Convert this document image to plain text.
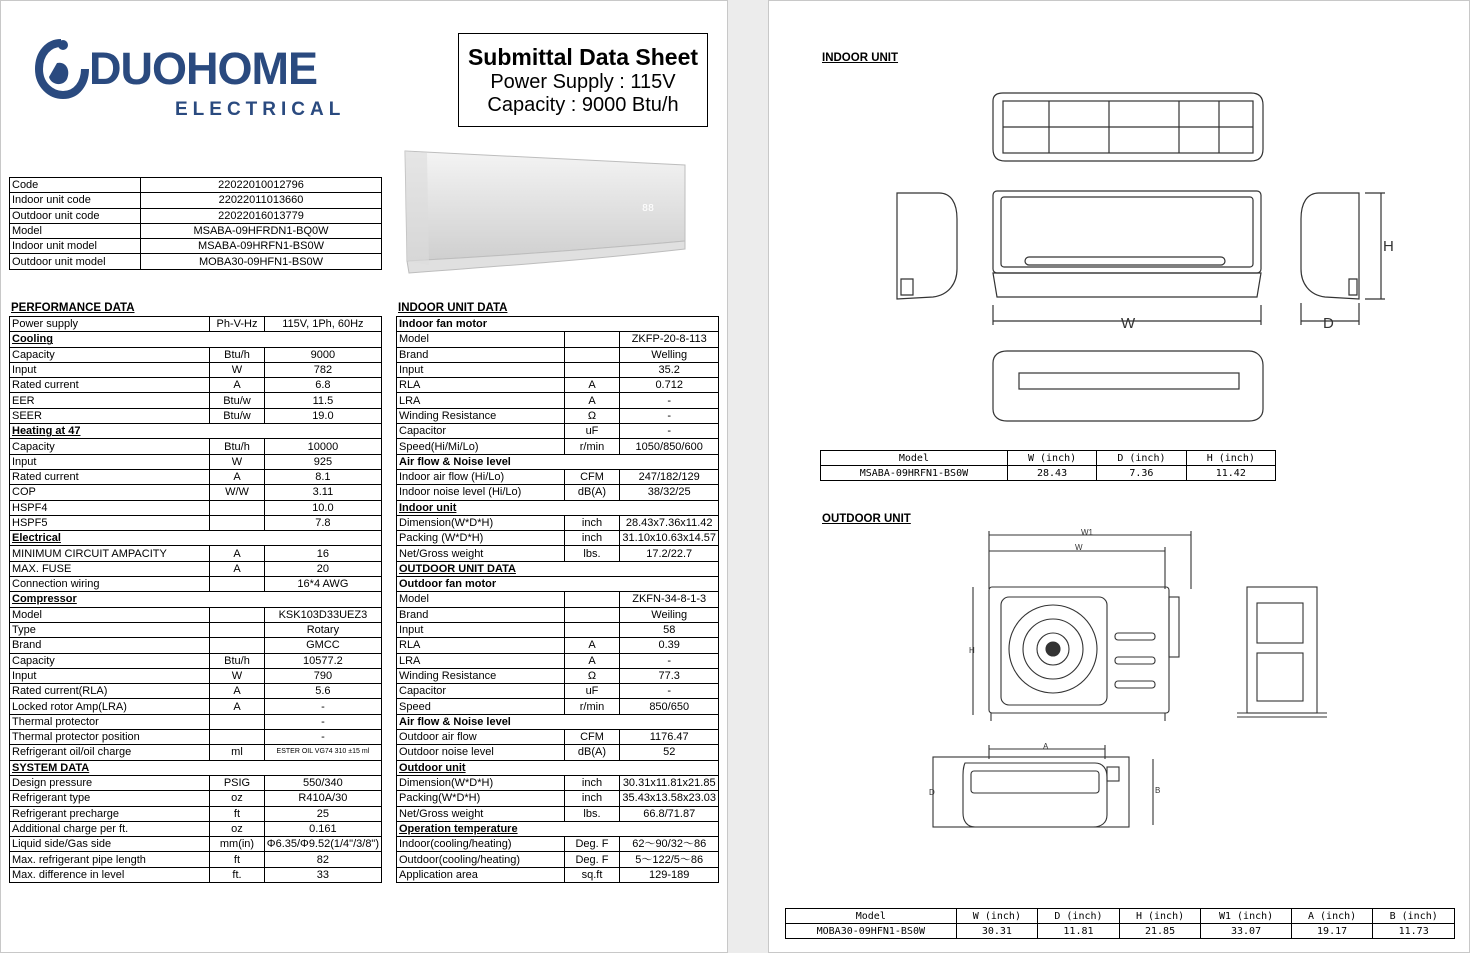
DUOHOME
ELECTRICAL
Submittal Data Sheet
Power Supply : 115V
Capacity : 9000 Btu/h
Code	22022010012796
Indoor unit code	22022011013660
Outdoor unit code	22022016013779
Model	MSABA-09HFRDN1-BQ0W
Indoor unit model	MSABA-09HRFN1-BS0W
Outdoor unit model	MOBA30-09HFN1-BS0W
88
PERFORMANCE DATA
Power supply	Ph-V-Hz	115V, 1Ph, 60Hz
Cooling		
Capacity	Btu/h	9000
Input	W	782
Rated current	A	6.8
EER	Btu/w	11.5
SEER	Btu/w	19.0
Heating at 47		
Capacity	Btu/h	10000
Input	W	925
Rated current	A	8.1
COP	W/W	3.11
HSPF4		10.0
HSPF5		7.8
Electrical		
MINIMUM CIRCUIT AMPACITY	A	16
MAX. FUSE	A	20
Connection wiring		16*4 AWG
Compressor		
Model		KSK103D33UEZ3
Type		Rotary
Brand		GMCC
Capacity	Btu/h	10577.2
Input	W	790
Rated current(RLA)	A	5.6
Locked rotor Amp(LRA)	A	-
Thermal protector		-
Thermal protector position		-
Refrigerant oil/oil charge	ml	ESTER OIL VG74 310 ±15 ml
SYSTEM DATA		
Design pressure	PSIG	550/340
Refrigerant type	oz	R410A/30
Refrigerant precharge	ft	25
Additional charge per ft.	oz	0.161
Liquid side/Gas side	mm(in)	Φ6.35/Φ9.52(1/4"/3/8")
Max. refrigerant pipe length	ft	82
Max. difference in level	ft.	33
INDOOR UNIT DATA
Indoor fan motor		
Model		ZKFP-20-8-113
Brand		Welling
Input		35.2
RLA	A	0.712
LRA	A	-
Winding Resistance	Ω	-
Capacitor	uF	-
Speed(Hi/Mi/Lo)	r/min	1050/850/600
Air flow & Noise level		
Indoor air flow (Hi/Lo)	CFM	247/182/129
Indoor noise level (Hi/Lo)	dB(A)	38/32/25
Indoor unit		
Dimension(W*D*H)	inch	28.43x7.36x11.42
Packing (W*D*H)	inch	31.10x10.63x14.57
Net/Gross weight	lbs.	17.2/22.7
OUTDOOR UNIT DATA		
Outdoor fan motor		
Model		ZKFN-34-8-1-3
Brand		Weiling
Input		58
RLA	A	0.39
LRA	A	-
Winding Resistance	Ω	77.3
Capacitor	uF	-
Speed	r/min	850/650
Air flow & Noise level		
Outdoor air flow	CFM	1176.47
Outdoor noise level	dB(A)	52
Outdoor unit		
Dimension(W*D*H)	inch	30.31x11.81x21.85
Packing(W*D*H)	inch	35.43x13.58x23.03
Net/Gross weight	lbs.	66.8/71.87
Operation temperature		
Indoor(cooling/heating)	Deg. F	62～90/32～86
Outdoor(cooling/heating)	Deg. F	5～122/5～86
Application area	sq.ft	129-189
INDOOR UNIT
W
H
D
Model	W (inch)	D (inch)	H (inch)
MSABA-09HRFN1-BS0W	28.43	7.36	11.42
OUTDOOR UNIT
W1
W
H
A
B
D
Model	W (inch)	D (inch)	H (inch)	W1 (inch)	A (inch)	B (inch)
MOBA30-09HFN1-BS0W	30.31	11.81	21.85	33.07	19.17	11.73
